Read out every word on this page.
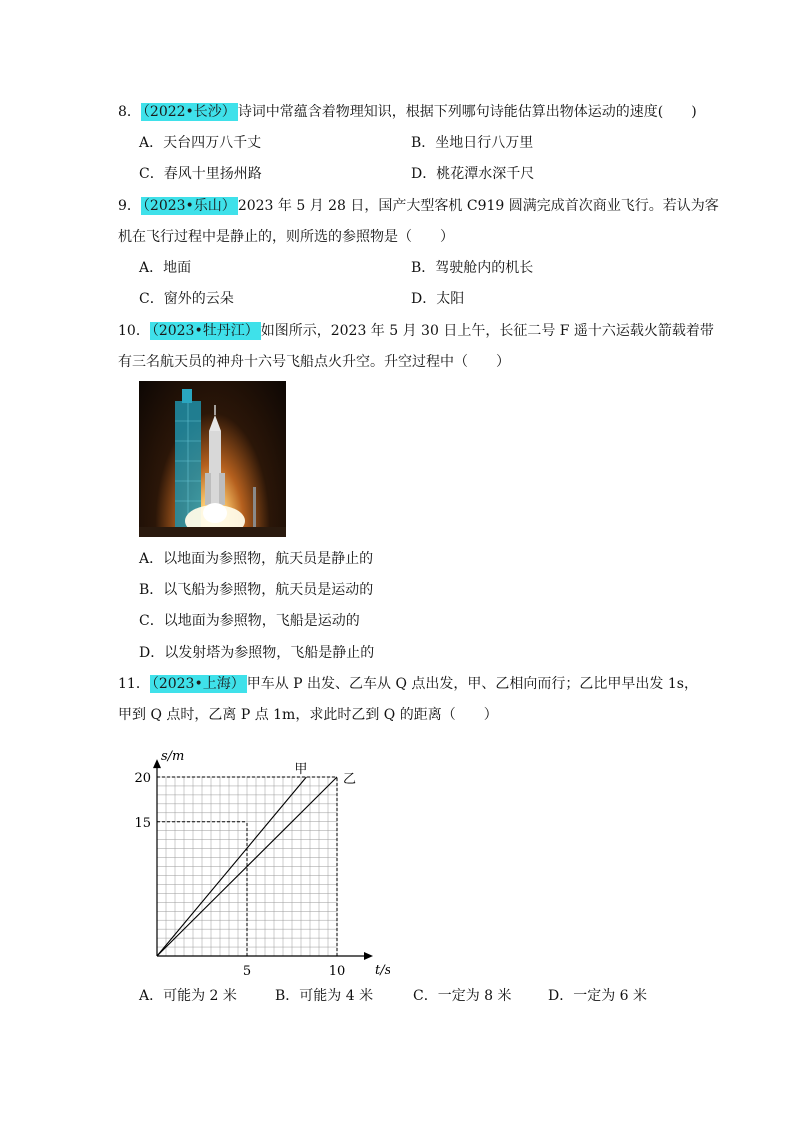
8． （2022•长沙） 诗词中常蕴含着物理知识，根据下列哪句诗能估算出物体运动的速度(　　)
A．天台四万八千丈	B．坐地日行八万里
C．春风十里扬州路	D．桃花潭水深千尺
9． （2023•乐山） 2023 年 5 月 28 日，国产大型客机 C919 圆满完成首次商业飞行。若认为客
机在飞行过程中是静止的，则所选的参照物是（　　）
A．地面	B．驾驶舱内的机长
C．窗外的云朵	D．太阳
10． （2023•牡丹江） 如图所示，2023 年 5 月 30 日上午，长征二号 F 遥十六运载火箭载着带
有三名航天员的神舟十六号飞船点火升空。升空过程中（　　）
A．以地面为参照物，航天员是静止的
B．以飞船为参照物，航天员是运动的
C．以地面为参照物，飞船是运动的
D．以发射塔为参照物，飞船是静止的
11． （2023•上海） 甲车从 P 出发、乙车从 Q 点出发，甲、乙相向而行；乙比甲早出发 1s，
甲到 Q 点时，乙离 P 点 1m，求此时乙到 Q 的距离（　　）
甲
乙
5	10
15
20
t/s
s/m
A．可能为 2 米	B．可能为 4 米	C．一定为 8 米	D．一定为 6 米
